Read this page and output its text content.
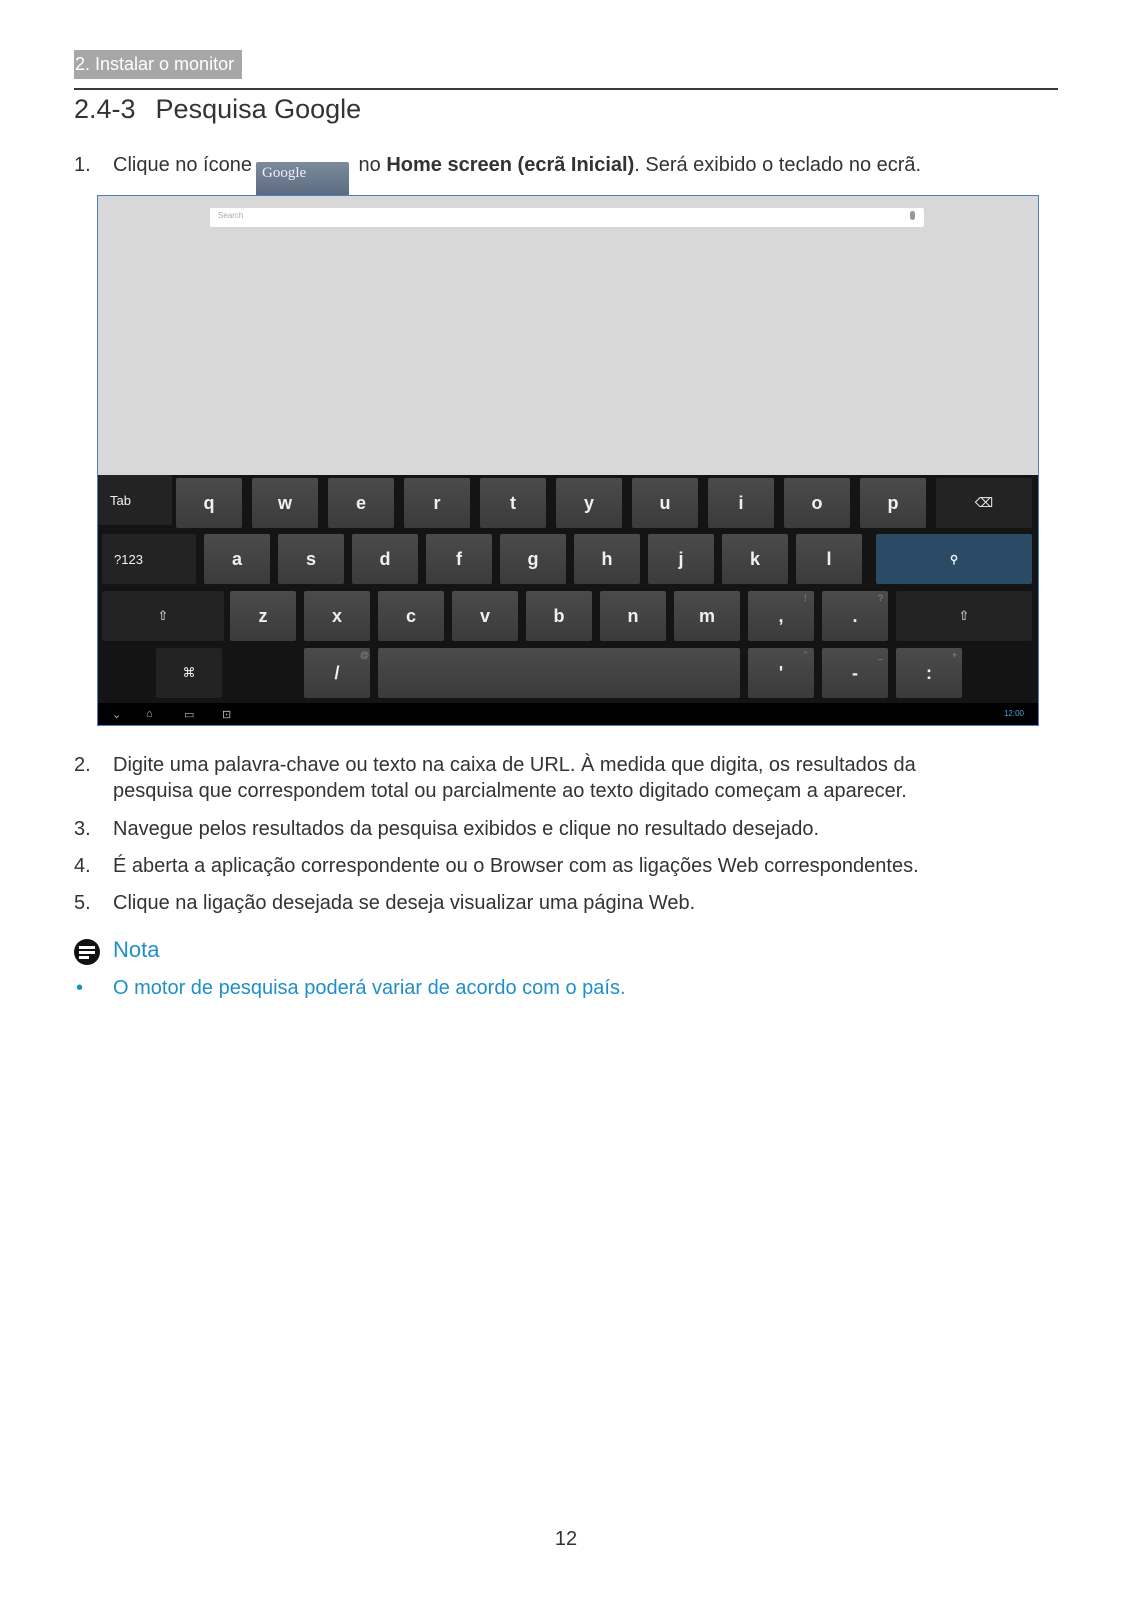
2. Instalar o monitor
2.4-3 Pesquisa Google
1.	Clique no ícone Google	no Home screen (ecrã Inicial). Será exibido o teclado no ecrã.
Search
Tab	q	w	e	r	t	y	u	i	o	p	⌫
?123	a	s	d	f	g	h	j	k	l	⚲
⇧	z	x	c	v	b	n	m	,	.	⇧
!	?
⌘	/
@
'
"
-
_
:
+
⌄ ⌂	▭	⊡	12:00
2.	Digite uma palavra-chave ou texto na caixa de URL. À medida que digita, os resultados da pesquisa que correspondem total ou parcialmente ao texto digitado começam a aparecer.
3.	Navegue pelos resultados da pesquisa exibidos e clique no resultado desejado.
4.	É aberta a aplicação correspondente ou o Browser com as ligações Web correspondentes.
5.	Clique na ligação desejada se deseja visualizar uma página Web.
Nota
• O motor de pesquisa poderá variar de acordo com o país.
12
